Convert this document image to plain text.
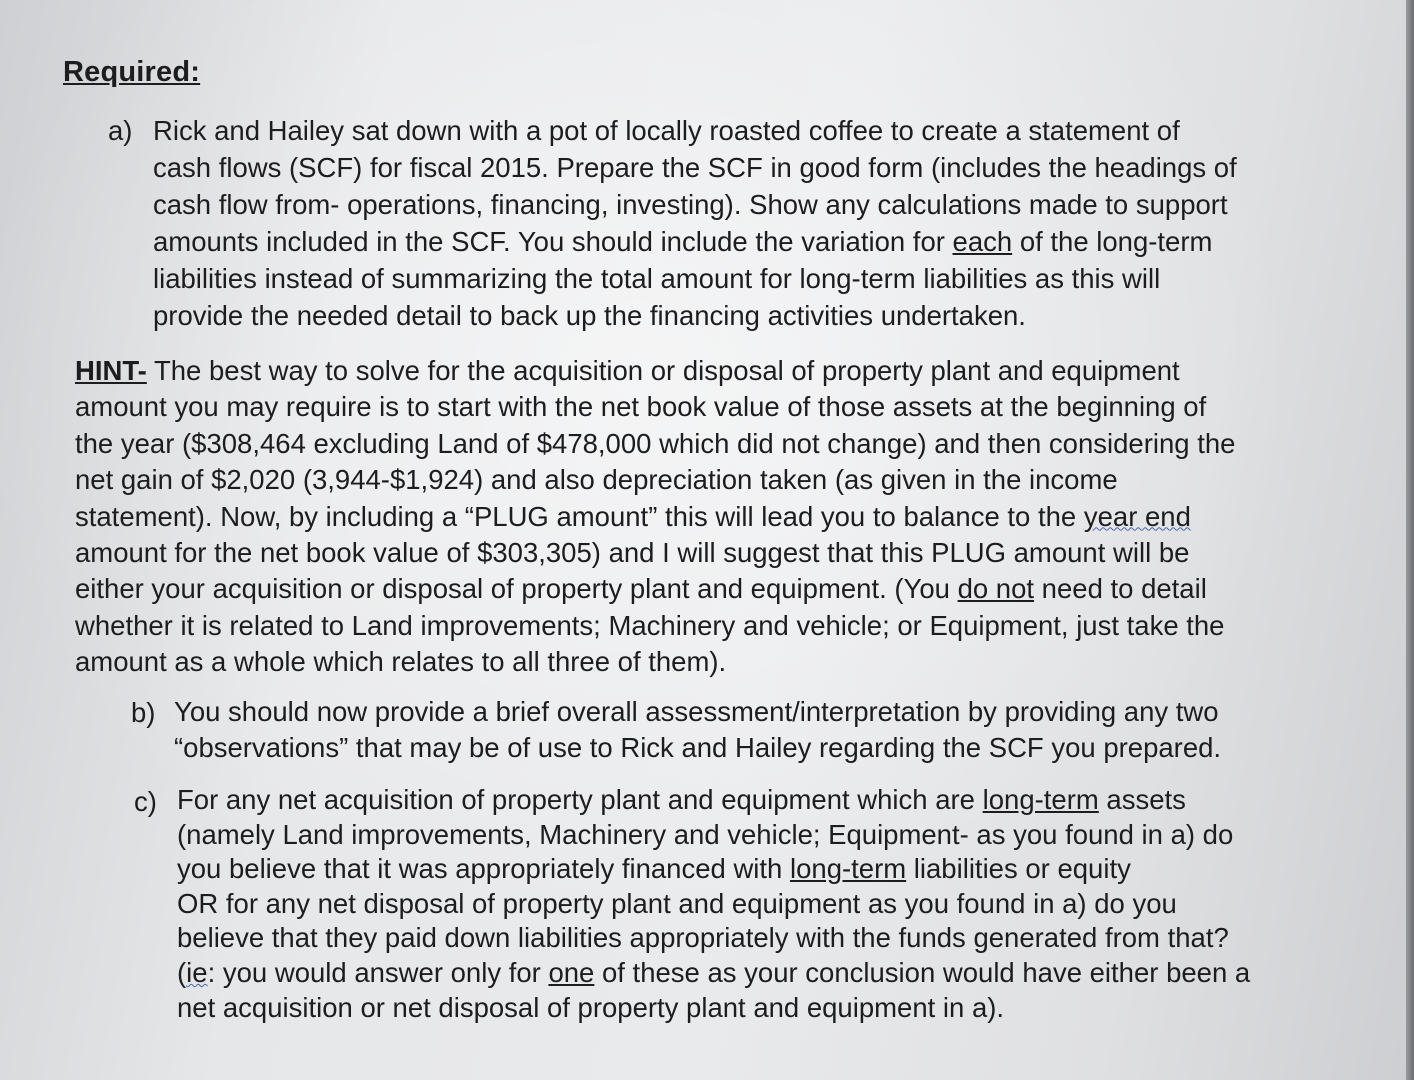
Required:
a) Rick and Hailey sat down with a pot of locally roasted coffee to create a statement of
cash flows (SCF) for fiscal 2015. Prepare the SCF in good form (includes the headings of
cash flow from- operations, financing, investing). Show any calculations made to support
amounts included in the SCF. You should include the variation for each of the long-term
liabilities instead of summarizing the total amount for long-term liabilities as this will
provide the needed detail to back up the financing activities undertaken.

HINT- The best way to solve for the acquisition or disposal of property plant and equipment
amount you may require is to start with the net book value of those assets at the beginning of
the year ($308,464 excluding Land of $478,000 which did not change) and then considering the
net gain of $2,020 (3,944-$1,924) and also depreciation taken (as given in the income
statement). Now, by including a “PLUG amount” this will lead you to balance to the year end
amount for the net book value of $303,305) and I will suggest that this PLUG amount will be
either your acquisition or disposal of property plant and equipment. (You do not need to detail
whether it is related to Land improvements; Machinery and vehicle; or Equipment, just take the
amount as a whole which relates to all three of them).

b) You should now provide a brief overall assessment/interpretation by providing any two
“observations” that may be of use to Rick and Hailey regarding the SCF you prepared.

c) For any net acquisition of property plant and equipment which are long-term assets
(namely Land improvements, Machinery and vehicle; Equipment- as you found in a) do
you believe that it was appropriately financed with long-term liabilities or equity
OR for any net disposal of property plant and equipment as you found in a) do you
believe that they paid down liabilities appropriately with the funds generated from that?
(ie: you would answer only for one of these as your conclusion would have either been a
net acquisition or net disposal of property plant and equipment in a).
